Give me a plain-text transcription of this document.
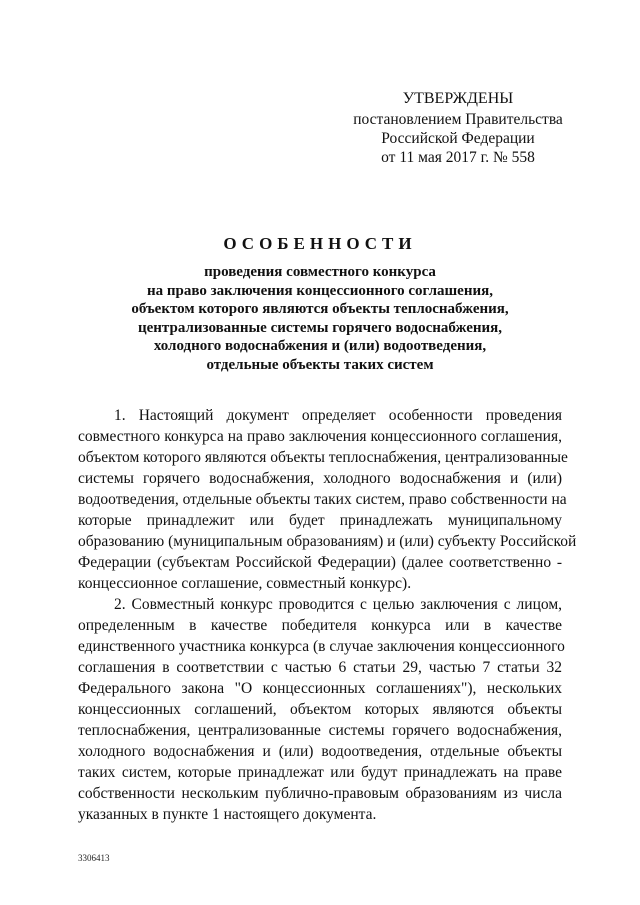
УТВЕРЖДЕНЫ
постановлением Правительства
Российской Федерации
от 11 мая 2017 г. № 558
ОСОБЕННОСТИ
проведения совместного конкурса
на право заключения концессионного соглашения,
объектом которого являются объекты теплоснабжения,
централизованные системы горячего водоснабжения,
холодного водоснабжения и (или) водоотведения,
отдельные объекты таких систем
1. Настоящий документ определяет особенности проведения
совместного конкурса на право заключения концессионного соглашения,
объектом которого являются объекты теплоснабжения, централизованные
системы горячего водоснабжения, холодного водоснабжения и (или)
водоотведения, отдельные объекты таких систем, право собственности на
которые принадлежит или будет принадлежать муниципальному
образованию (муниципальным образованиям) и (или) субъекту Российской
Федерации (субъектам Российской Федерации) (далее соответственно -
концессионное соглашение, совместный конкурс).
2. Совместный конкурс проводится с целью заключения с лицом,
определенным в качестве победителя конкурса или в качестве
единственного участника конкурса (в случае заключения концессионного
соглашения в соответствии с частью 6 статьи 29, частью 7 статьи 32
Федерального закона "О концессионных соглашениях"), нескольких
концессионных соглашений, объектом которых являются объекты
теплоснабжения, централизованные системы горячего водоснабжения,
холодного водоснабжения и (или) водоотведения, отдельные объекты
таких систем, которые принадлежат или будут принадлежать на праве
собственности нескольким публично-правовым образованиям из числа
указанных в пункте 1 настоящего документа.
3306413
